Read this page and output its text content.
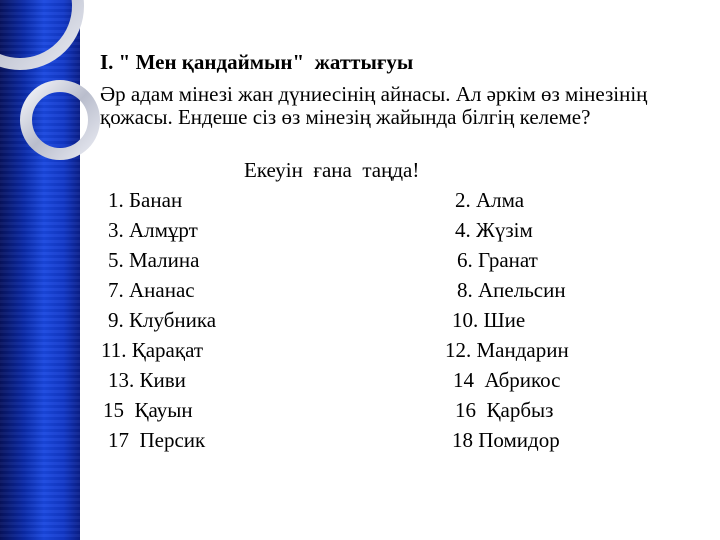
І. " Мен қандаймын"  жаттығуы
Әр адам мінезі жан дүниесінің айнасы. Ал әркім өз мінезінің қожасы. Ендеше сіз өз мінезің жайында білгің келеме?
Екеуін  ғана  таңда!
1. Банан	2. Алма
3. Алмұрт	4. Жүзім
5. Малина	6. Гранат
7. Ананас	8. Апельсин
9. Клубника	10. Шие
11. Қарақат	12. Мандарин
13. Киви	14  Абрикос
15  Қауын	16  Қарбыз
17  Персик	18 Помидор
